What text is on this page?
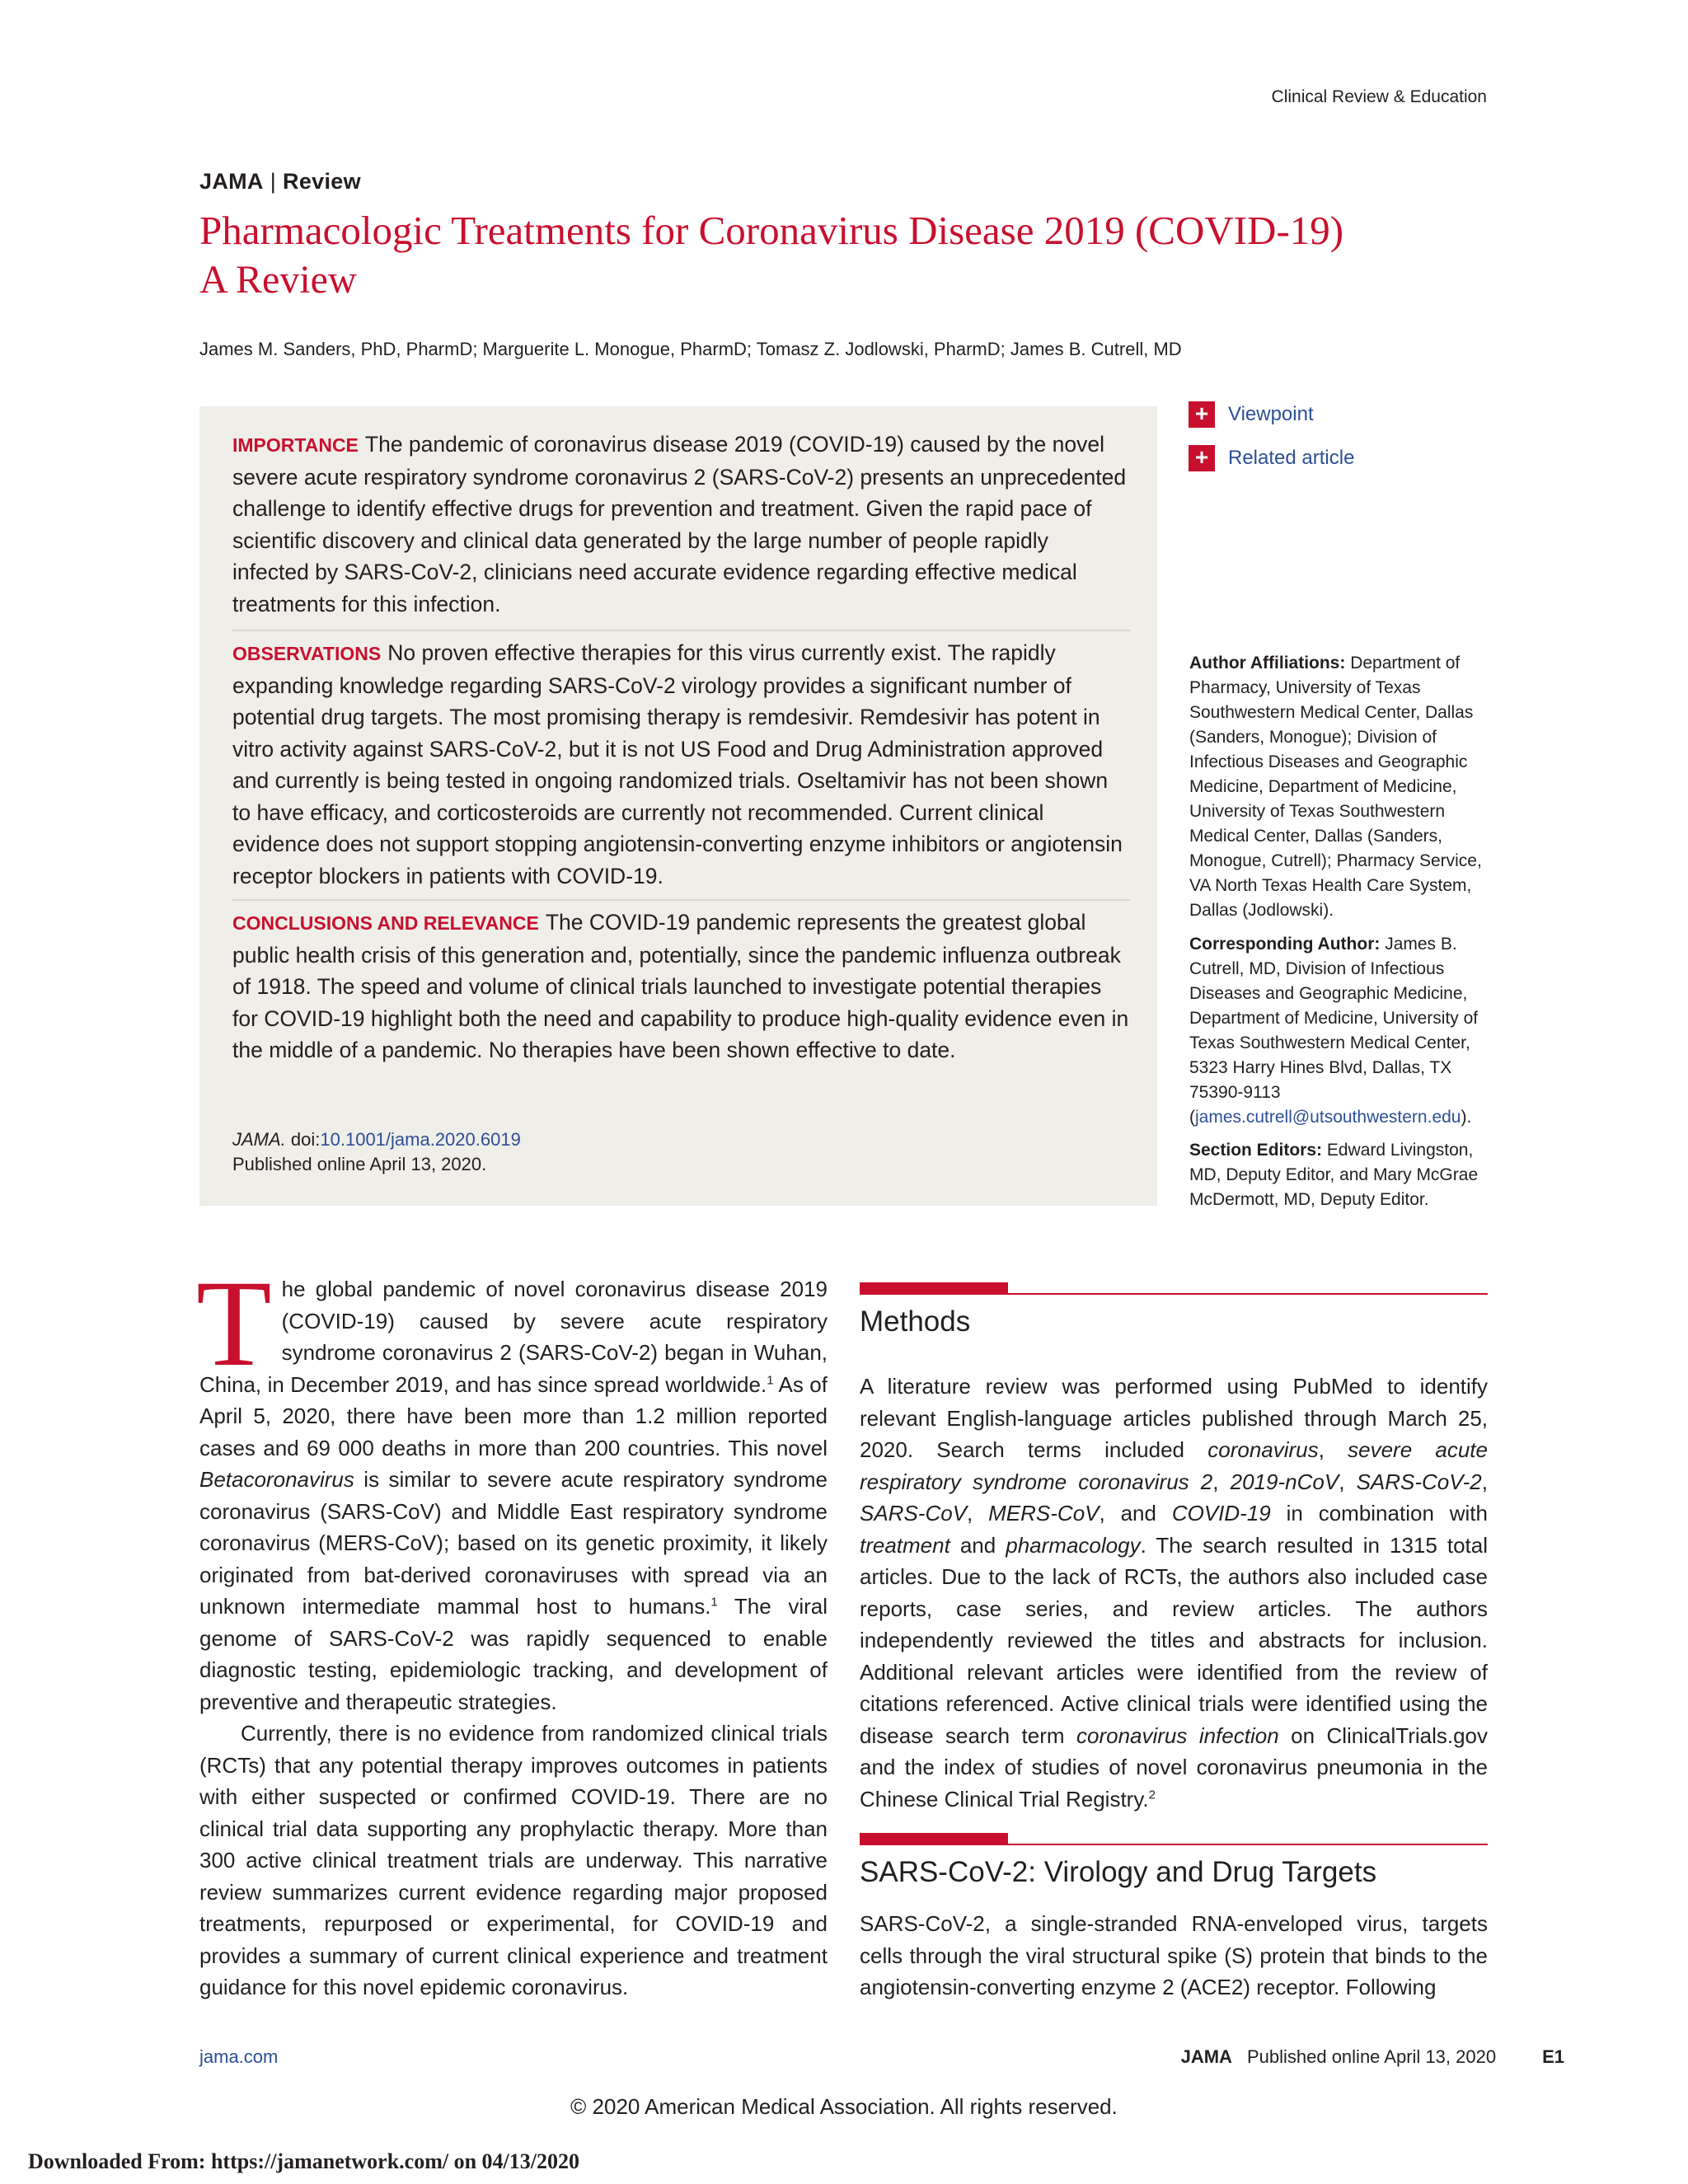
Clinical Review & Education
JAMA | Review
Pharmacologic Treatments for Coronavirus Disease 2019 (COVID-19)
A Review
James M. Sanders, PhD, PharmD; Marguerite L. Monogue, PharmD; Tomasz Z. Jodlowski, PharmD; James B. Cutrell, MD
IMPORTANCE The pandemic of coronavirus disease 2019 (COVID-19) caused by the novel severe acute respiratory syndrome coronavirus 2 (SARS-CoV-2) presents an unprecedented challenge to identify effective drugs for prevention and treatment. Given the rapid pace of scientific discovery and clinical data generated by the large number of people rapidly infected by SARS-CoV-2, clinicians need accurate evidence regarding effective medical treatments for this infection.
OBSERVATIONS No proven effective therapies for this virus currently exist. The rapidly expanding knowledge regarding SARS-CoV-2 virology provides a significant number of potential drug targets. The most promising therapy is remdesivir. Remdesivir has potent in vitro activity against SARS-CoV-2, but it is not US Food and Drug Administration approved and currently is being tested in ongoing randomized trials. Oseltamivir has not been shown to have efficacy, and corticosteroids are currently not recommended. Current clinical evidence does not support stopping angiotensin-converting enzyme inhibitors or angiotensin receptor blockers in patients with COVID-19.
CONCLUSIONS AND RELEVANCE The COVID-19 pandemic represents the greatest global public health crisis of this generation and, potentially, since the pandemic influenza outbreak of 1918. The speed and volume of clinical trials launched to investigate potential therapies for COVID-19 highlight both the need and capability to produce high-quality evidence even in the middle of a pandemic. No therapies have been shown effective to date.
JAMA. doi:10.1001/jama.2020.6019
Published online April 13, 2020.
+ Viewpoint
+ Related article
Author Affiliations: Department of Pharmacy, University of Texas Southwestern Medical Center, Dallas (Sanders, Monogue); Division of Infectious Diseases and Geographic Medicine, Department of Medicine, University of Texas Southwestern Medical Center, Dallas (Sanders, Monogue, Cutrell); Pharmacy Service, VA North Texas Health Care System, Dallas (Jodlowski).
Corresponding Author: James B. Cutrell, MD, Division of Infectious Diseases and Geographic Medicine, Department of Medicine, University of Texas Southwestern Medical Center, 5323 Harry Hines Blvd, Dallas, TX 75390-9113 (james.cutrell@utsouthwestern.edu).
Section Editors: Edward Livingston, MD, Deputy Editor, and Mary McGrae McDermott, MD, Deputy Editor.

The global pandemic of novel coronavirus disease 2019 (COVID-19) caused by severe acute respiratory syndrome coronavirus 2 (SARS-CoV-2) began in Wuhan, China, in December 2019, and has since spread worldwide.$^1$ As of April 5, 2020, there have been more than 1.2 million reported cases and 69 000 deaths in more than 200 countries. This novel Betacoronavirus is similar to severe acute respiratory syndrome coronavirus (SARS-CoV) and Middle East respiratory syndrome coronavirus (MERS-CoV); based on its genetic proximity, it likely originated from bat-derived coronaviruses with spread via an unknown intermediate mammal host to humans.$^1$ The viral genome of SARS-CoV-2 was rapidly sequenced to enable diagnostic testing, epidemiologic tracking, and development of preventive and therapeutic strategies.

Currently, there is no evidence from randomized clinical trials (RCTs) that any potential therapy improves outcomes in patients with either suspected or confirmed COVID-19. There are no clinical trial data supporting any prophylactic therapy. More than 300 active clinical treatment trials are underway. This narrative review summarizes current evidence regarding major proposed treatments, repurposed or experimental, for COVID-19 and provides a summary of current clinical experience and treatment guidance for this novel epidemic coronavirus.

Methods
A literature review was performed using PubMed to identify relevant English-language articles published through March 25, 2020. Search terms included coronavirus, severe acute respiratory syndrome coronavirus 2, 2019-nCoV, SARS-CoV-2, SARS-CoV, MERS-CoV, and COVID-19 in combination with treatment and pharmacology. The search resulted in 1315 total articles. Due to the lack of RCTs, the authors also included case reports, case series, and review articles. The authors independently reviewed the titles and abstracts for inclusion. Additional relevant articles were identified from the review of citations referenced. Active clinical trials were identified using the disease search term coronavirus infection on ClinicalTrials.gov and the index of studies of novel coronavirus pneumonia in the Chinese Clinical Trial Registry.$^2$
SARS-CoV-2: Virology and Drug Targets
SARS-CoV-2, a single-stranded RNA-enveloped virus, targets cells through the viral structural spike (S) protein that binds to the angiotensin-converting enzyme 2 (ACE2) receptor. Following
jama.com	JAMA Published online April 13, 2020	E1
© 2020 American Medical Association. All rights reserved.
Downloaded From: https://jamanetwork.com/ on 04/13/2020
